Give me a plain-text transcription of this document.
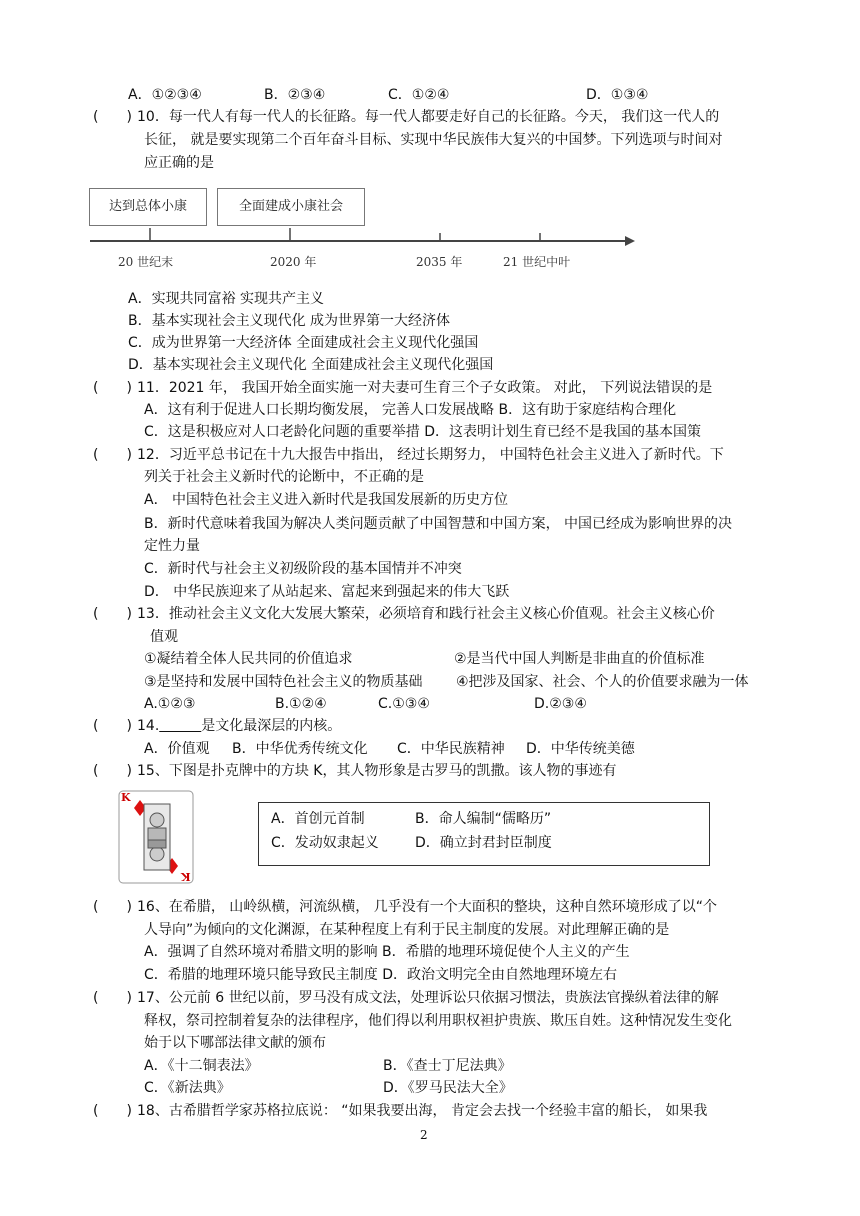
A．①②③④	B．②③④	C．①②④	D．①③④
(　　) 10．每一代人有每一代人的长征路。每一代人都要走好自己的长征路。今天， 我们这一代人的
长征， 就是要实现第二个百年奋斗目标、实现中华民族伟大复兴的中国梦。下列选项与时间对
应正确的是
达到总体小康	全面建成小康社会
20 世纪末	2020 年	2035 年	21 世纪中叶
A．实现共同富裕 实现共产主义
B．基本实现社会主义现代化 成为世界第一大经济体
C．成为世界第一大经济体 全面建成社会主义现代化强国
D．基本实现社会主义现代化 全面建成社会主义现代化强国
(　　) 11．2021 年， 我国开始全面实施一对夫妻可生育三个子女政策。 对此， 下列说法错误的是
A．这有利于促进人口长期均衡发展， 完善人口发展战略 B．这有助于家庭结构合理化
C．这是积极应对人口老龄化问题的重要举措 D．这表明计划生育已经不是我国的基本国策
(　　) 12．习近平总书记在十九大报告中指出， 经过长期努力， 中国特色社会主义进入了新时代。下
列关于社会主义新时代的论断中，不正确的是
A． 中国特色社会主义进入新时代是我国发展新的历史方位
B．新时代意味着我国为解决人类问题贡献了中国智慧和中国方案， 中国已经成为影响世界的决
定性力量
C．新时代与社会主义初级阶段的基本国情并不冲突
D． 中华民族迎来了从站起来、富起来到强起来的伟大飞跃
(　　) 13．推动社会主义文化大发展大繁荣，必须培育和践行社会主义核心价值观。社会主义核心价
值观
①凝结着全体人民共同的价值追求	②是当代中国人判断是非曲直的价值标准
③是坚持和发展中国特色社会主义的物质基础 ④把涉及国家、社会、个人的价值要求融为一体
A.①②③	B.①②④	C.①③④	D.②③④
(　　) 14.　　　	是文化最深层的内核。
A．价值观 B．中华优秀传统文化 C．中华民族精神 D．中华传统美德
(　　) 15、下图是扑克牌中的方块 K，其人物形象是古罗马的凯撒。该人物的事迹有
K
K
A．首创元首制	B．命人编制“儒略历”
C．发动奴隶起义	D．确立封君封臣制度
(　　) 16、在希腊， 山岭纵横，河流纵横， 几乎没有一个大面积的整块，这种自然环境形成了以“个
人导向”为倾向的文化渊源，在某种程度上有利于民主制度的发展。对此理解正确的是
A．强调了自然环境对希腊文明的影响 B．希腊的地理环境促使个人主义的产生
C．希腊的地理环境只能导致民主制度 D．政治文明完全由自然地理环境左右
(　　) 17、公元前 6 世纪以前，罗马没有成文法，处理诉讼只依据习惯法，贵族法官操纵着法律的解
释权，祭司控制着复杂的法律程序，他们得以利用职权袒护贵族、欺压自姓。这种情况发生变化
始于以下哪部法律文献的颁布
A．《十二铜表法》	B．《查士丁尼法典》
C．《新法典》	D．《罗马民法大全》
(　　) 18、古希腊哲学家苏格拉底说： “如果我要出海， 肯定会去找一个经验丰富的船长， 如果我
2
